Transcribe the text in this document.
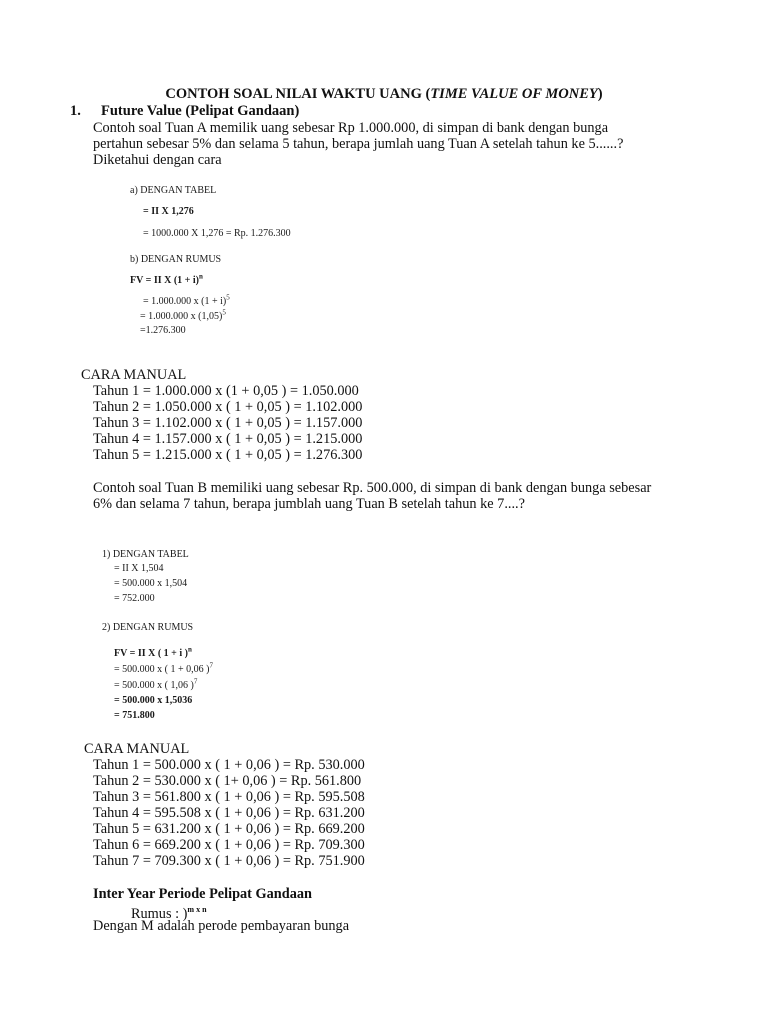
CONTOH SOAL NILAI WAKTU UANG (TIME VALUE OF MONEY)
1. Future Value (Pelipat Gandaan)
Contoh soal Tuan A memilik uang sebesar Rp 1.000.000, di simpan di bank dengan bunga
pertahun sebesar 5% dan selama 5 tahun, berapa jumlah uang Tuan A setelah tahun ke 5......?
Diketahui dengan cara
a) DENGAN TABEL
= II X 1,276
= 1000.000 X 1,276 = Rp. 1.276.300
b) DENGAN RUMUS
FV = II X $(1 + i)^n$
= 1.000.000 x $(1 + i)^5$
= 1.000.000 x $(1,05)^5$
=1.276.300
CARA MANUAL
Tahun 1 = 1.000.000 x (1 + 0,05 ) = 1.050.000
Tahun 2 = 1.050.000 x ( 1 + 0,05 ) = 1.102.000
Tahun 3 = 1.102.000 x ( 1 + 0,05 ) = 1.157.000
Tahun 4 = 1.157.000 x ( 1 + 0,05 ) = 1.215.000
Tahun 5 = 1.215.000 x ( 1 + 0,05 ) = 1.276.300
Contoh soal Tuan B memiliki uang sebesar Rp. 500.000, di simpan di bank dengan bunga sebesar
6% dan selama 7 tahun, berapa jumblah uang Tuan B setelah tahun ke 7....?
1) DENGAN TABEL
= II X 1,504
= 500.000 x 1,504
= 752.000
2) DENGAN RUMUS
FV = II X ( 1 + i )$^n$
= 500.000 x ( 1 + 0,06 )$^7$
= 500.000 x ( 1,06 )$^7$
= 500.000 x 1,5036
= 751.800
CARA MANUAL
Tahun 1 = 500.000 x ( 1 + 0,06 ) = Rp. 530.000
Tahun 2 = 530.000 x ( 1+ 0,06 ) = Rp. 561.800
Tahun 3 = 561.800 x ( 1 + 0,06 ) = Rp. 595.508
Tahun 4 = 595.508 x ( 1 + 0,06 ) = Rp. 631.200
Tahun 5 = 631.200 x ( 1 + 0,06 ) = Rp. 669.200
Tahun 6 = 669.200 x ( 1 + 0,06 ) = Rp. 709.300
Tahun 7 = 709.300 x ( 1 + 0,06 ) = Rp. 751.900
Inter Year Periode Pelipat Gandaan
Rumus : )$^{m x n}$
Dengan M adalah perode pembayaran bunga
